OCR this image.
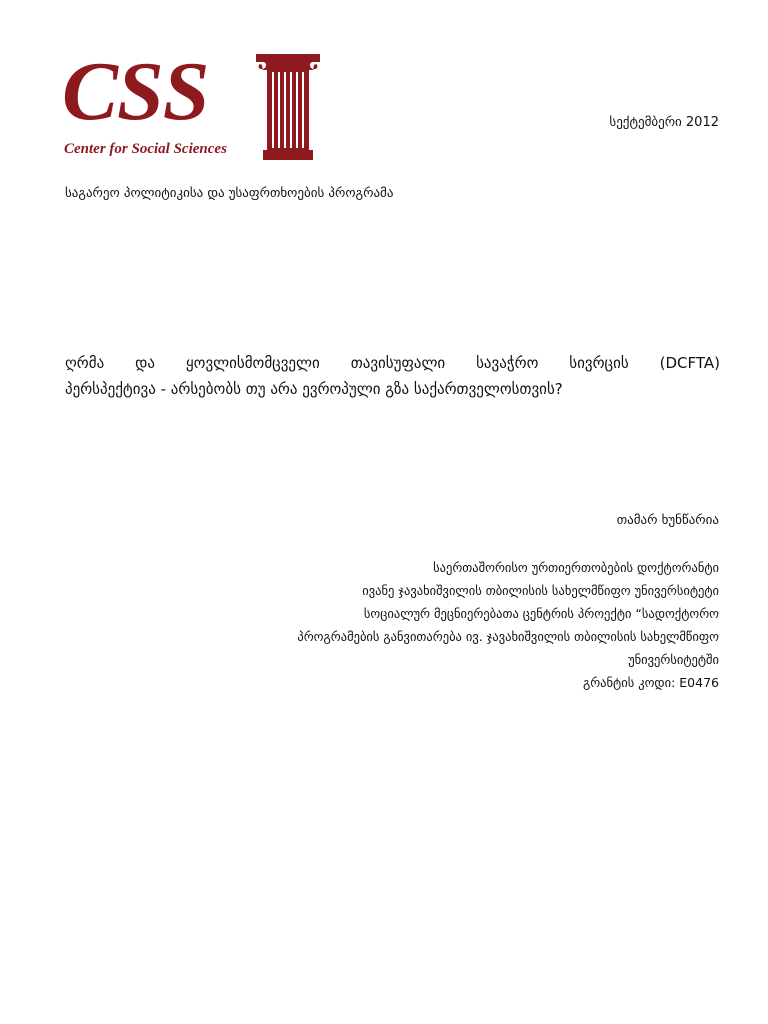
CSS
Center for Social Sciences
სექტემბერი 2012
საგარეო პოლიტიკისა და უსაფრთხოების პროგრამა
ღრმა და ყოვლისმომცველი თავისუფალი სავაჭრო სივრცის (DCFTA)
პერსპექტივა - არსებობს თუ არა ევროპული გზა საქართველოსთვის?
თამარ ხუნწარია
საერთაშორისო ურთიერთობების დოქტორანტი
ივანე ჯავახიშვილის თბილისის სახელმწიფო უნივერსიტეტი
სოციალურ მეცნიერებათა ცენტრის პროექტი “სადოქტორო
პროგრამების განვითარება ივ. ჯავახიშვილის თბილისის სახელმწიფო
უნივერსიტეტში
გრანტის კოდი: E0476
